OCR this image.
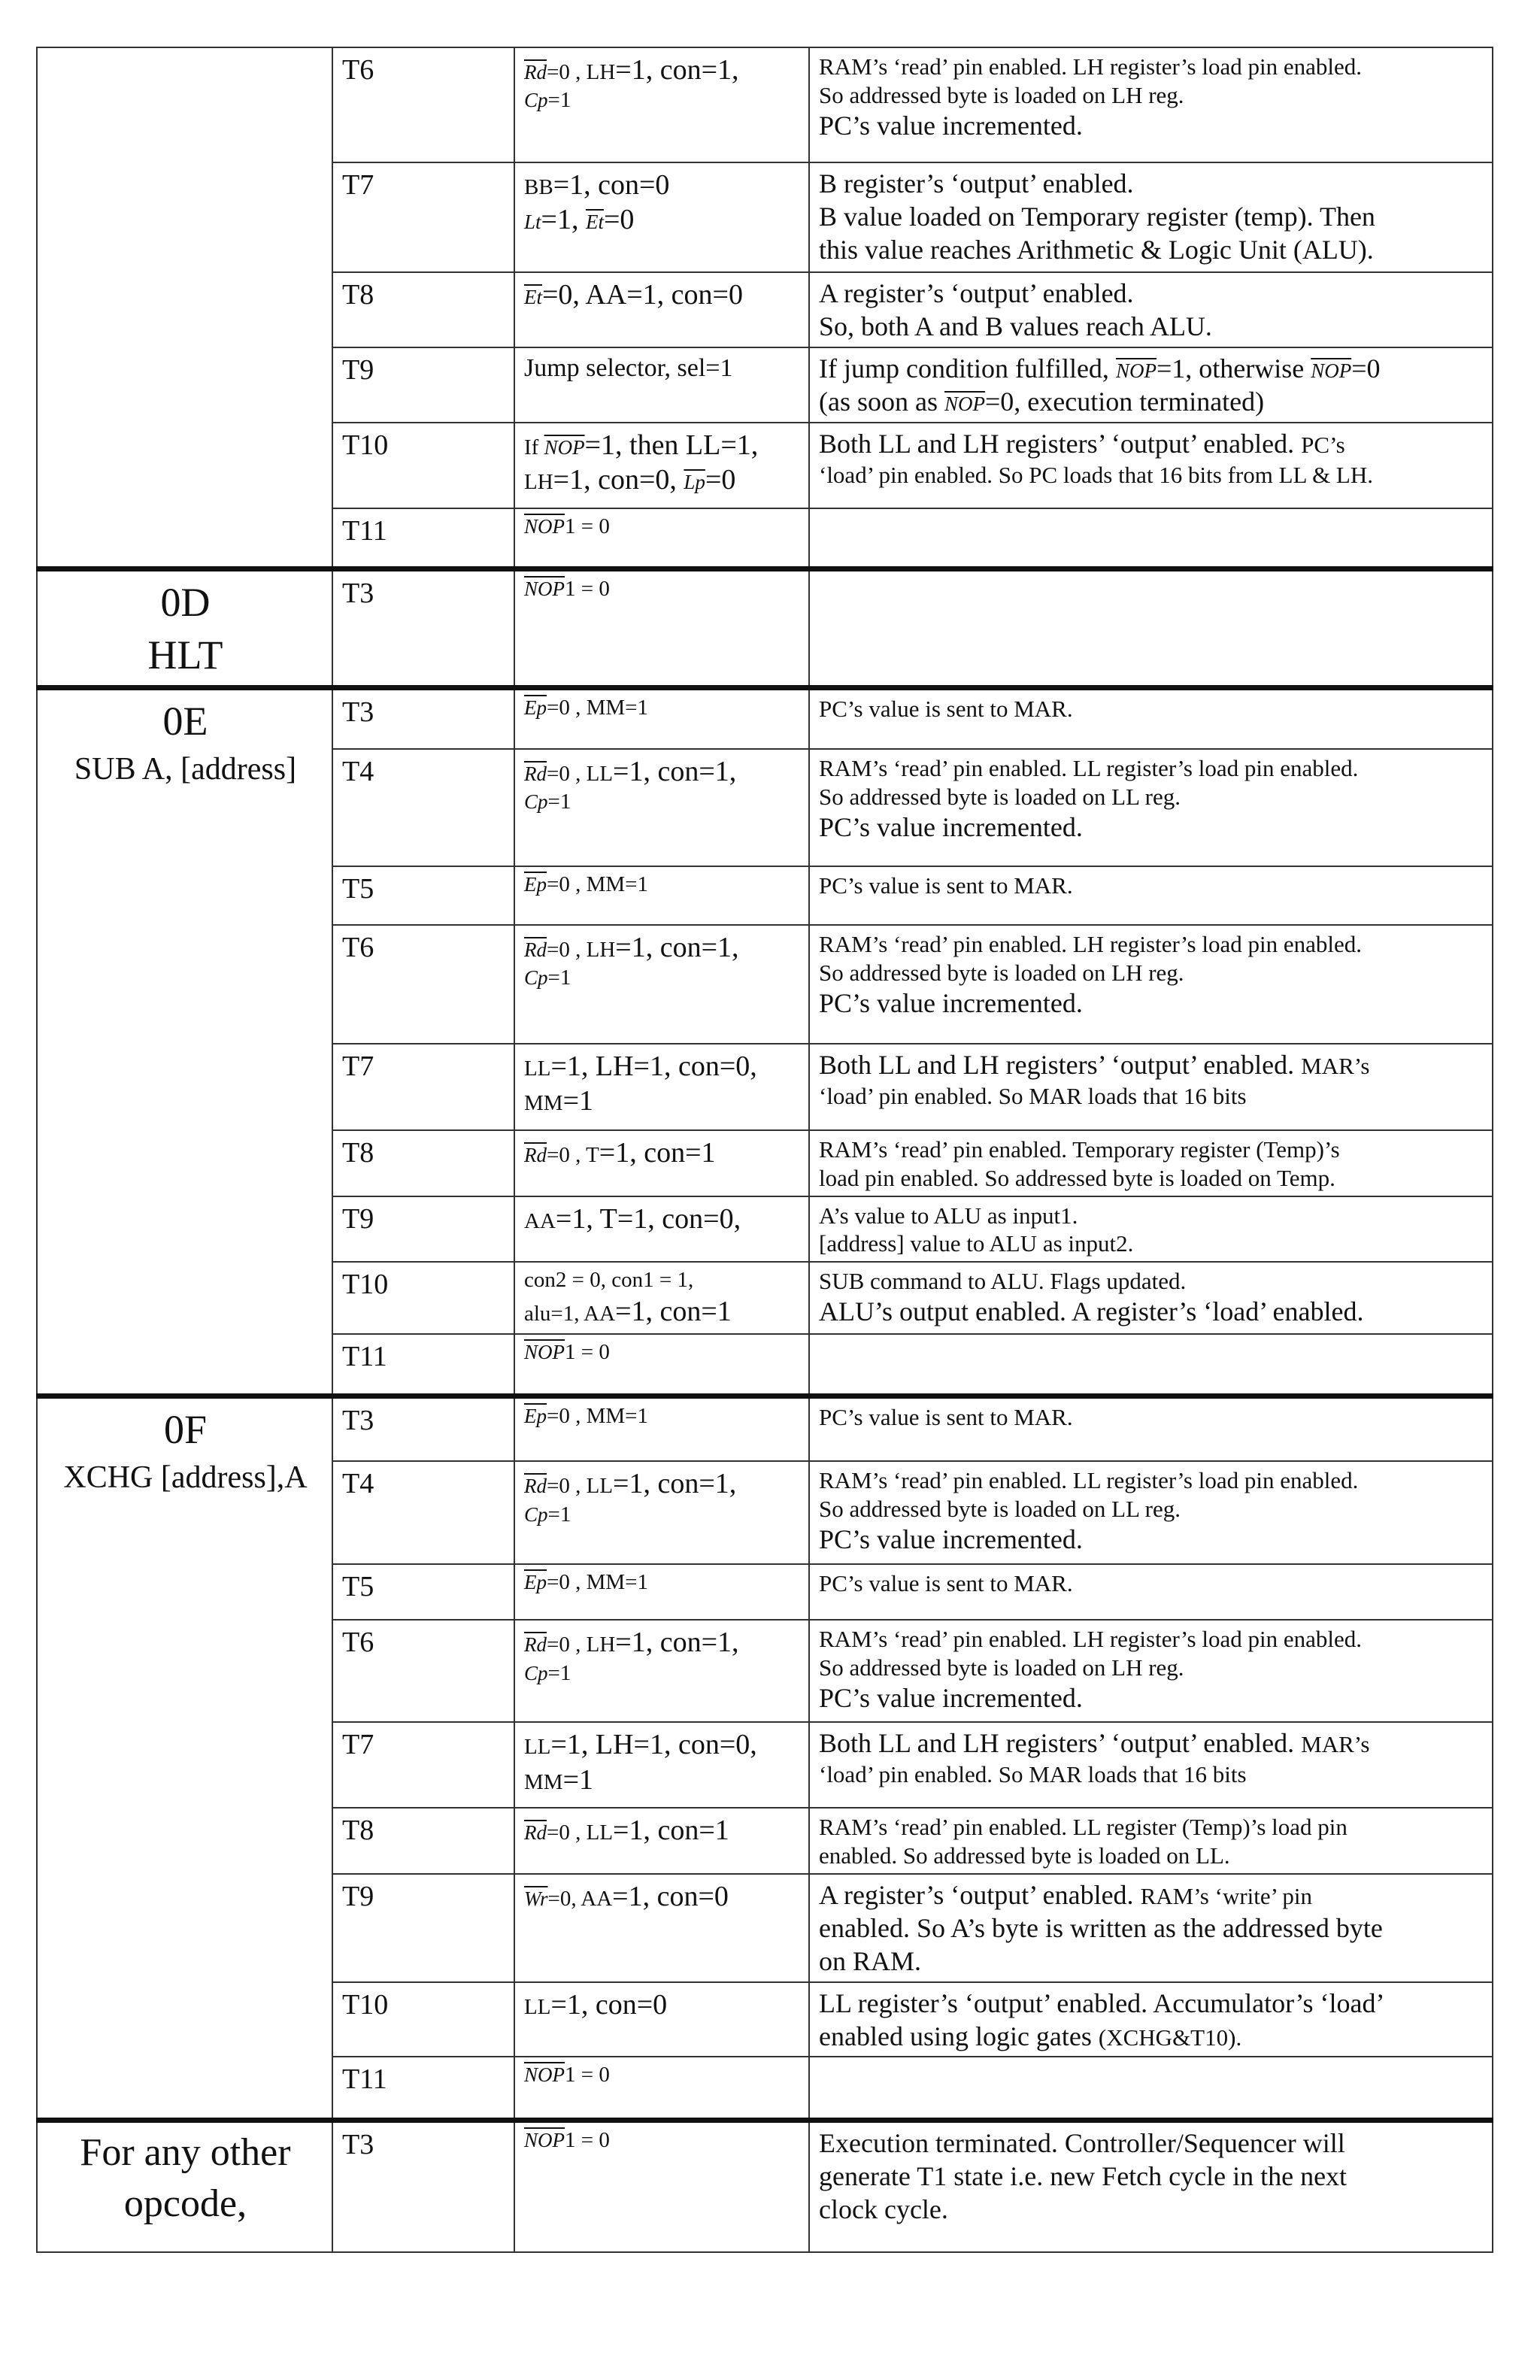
	T6	$\overline{Rd}=0$ , LH=1, con=1,
Cp=1	RAM’s ‘read’ pin enabled. LH register’s load pin enabled.
So addressed byte is loaded on LH reg.
PC’s value incremented.

	T7	BB=1, con=0
Lt=1, $\overline{Et}=0$	B register’s ‘output’ enabled.
B value loaded on Temporary register (temp). Then
this value reaches Arithmetic & Logic Unit (ALU).

	T8	$\overline{Et}=0$, AA=1, con=0	A register’s ‘output’ enabled.
So, both A and B values reach ALU.

	T9	Jump selector, sel=1	If jump condition fulfilled, $\overline{NOP}=1$, otherwise $\overline{NOP}=0$
(as soon as $\overline{NOP}=0$, execution terminated)
	T10	If $\overline{NOP}=1$, then LL=1,
LH=1, con=0, $\overline{Lp}=0$	Both LL and LH registers’ ‘output’ enabled. PC’s
‘load’ pin enabled. So PC loads that 16 bits from LL & LH.
	T11	$\overline{NOP}1 = 0$	

0D
HLT	T3	$\overline{NOP}1 = 0$	

0E
SUB A, [address]	T3	$\overline{Ep}=0$ , MM=1	PC’s value is sent to MAR.

	T4	$\overline{Rd}=0$ , LL=1, con=1,
Cp=1	RAM’s ‘read’ pin enabled. LL register’s load pin enabled.
So addressed byte is loaded on LL reg.
PC’s value incremented.

	T5	$\overline{Ep}=0$ , MM=1	PC’s value is sent to MAR.

	T6	$\overline{Rd}=0$ , LH=1, con=1,
Cp=1	RAM’s ‘read’ pin enabled. LH register’s load pin enabled.
So addressed byte is loaded on LH reg.
PC’s value incremented.

	T7	LL=1, LH=1, con=0,
MM=1	Both LL and LH registers’ ‘output’ enabled. MAR’s
‘load’ pin enabled. So MAR loads that 16 bits
	T8	$\overline{Rd}=0$ , T=1, con=1	RAM’s ‘read’ pin enabled. Temporary register (Temp)’s
load pin enabled. So addressed byte is loaded on Temp.

	T9	AA=1, T=1, con=0,	A’s value to ALU as input1.
[address] value to ALU as input2.

	T10	con2 = 0, con1 = 1,
alu=1, AA=1, con=1	SUB command to ALU. Flags updated.
ALU’s output enabled. A register’s ‘load’ enabled.

	T11	$\overline{NOP}1 = 0$	

0F
XCHG [address],A	T3	$\overline{Ep}=0$ , MM=1	PC’s value is sent to MAR.

	T4	$\overline{Rd}=0$ , LL=1, con=1,
Cp=1	RAM’s ‘read’ pin enabled. LL register’s load pin enabled.
So addressed byte is loaded on LL reg.
PC’s value incremented.

	T5	$\overline{Ep}=0$ , MM=1	PC’s value is sent to MAR.

	T6	$\overline{Rd}=0$ , LH=1, con=1,
Cp=1	RAM’s ‘read’ pin enabled. LH register’s load pin enabled.
So addressed byte is loaded on LH reg.
PC’s value incremented.

	T7	LL=1, LH=1, con=0,
MM=1	Both LL and LH registers’ ‘output’ enabled. MAR’s
‘load’ pin enabled. So MAR loads that 16 bits
	T8	$\overline{Rd}=0$ , LL=1, con=1	RAM’s ‘read’ pin enabled. LL register (Temp)’s load pin
enabled. So addressed byte is loaded on LL.

	T9	$\overline{Wr}=0$, AA=1, con=0	A register’s ‘output’ enabled. RAM’s ‘write’ pin
enabled. So A’s byte is written as the addressed byte
on RAM.
	T10	LL=1, con=0	LL register’s ‘output’ enabled. Accumulator’s ‘load’
enabled using logic gates (XCHG&T10).
	T11	$\overline{NOP}1 = 0$	

For any other
opcode,	T3	$\overline{NOP}1 = 0$	Execution terminated. Controller/Sequencer will
generate T1 state i.e. new Fetch cycle in the next
clock cycle.
